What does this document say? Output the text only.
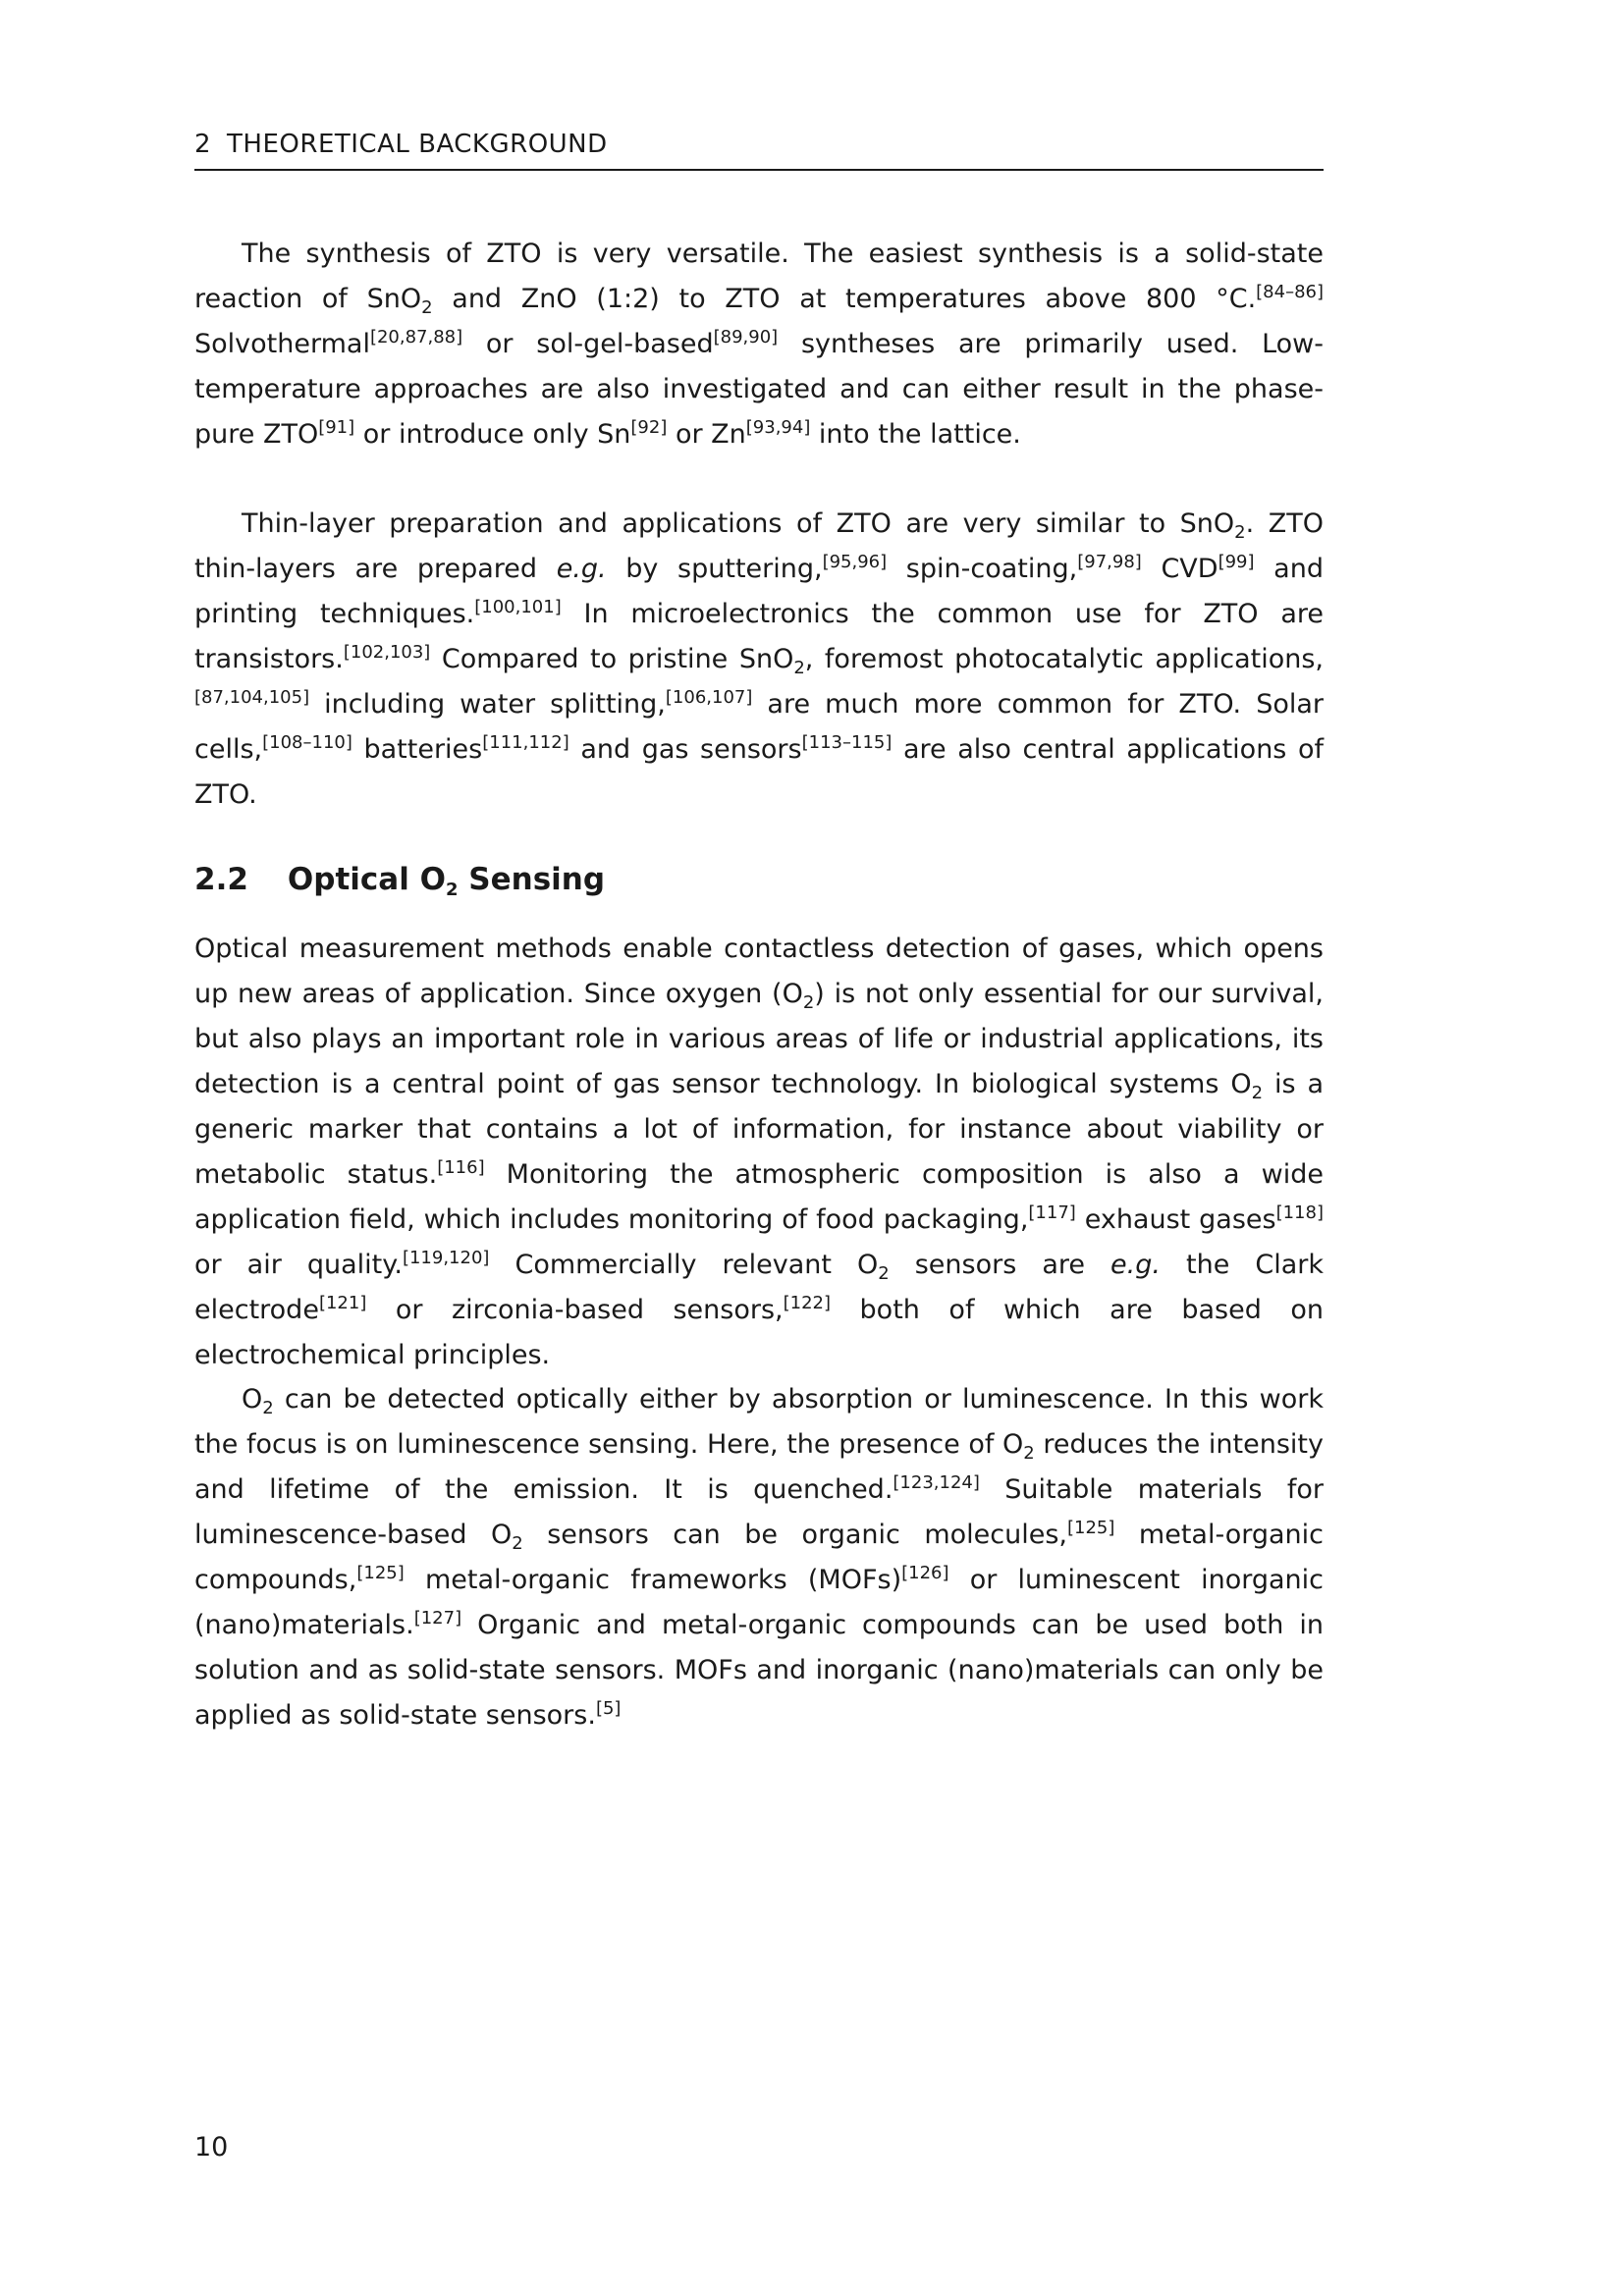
2 THEORETICAL BACKGROUND

The synthesis of ZTO is very versatile. The easiest synthesis is a solid-state reaction of SnO$_2$ and ZnO (1:2) to ZTO at temperatures above 800 °C.[84–86] Solvothermal[20,87,88] or sol-gel-based[89,90] syntheses are primarily used. Low-temperature approaches are also investigated and can either result in the phase-pure ZTO[91] or introduce only Sn[92] or Zn[93,94] into the lattice.

Thin-layer preparation and applications of ZTO are very similar to SnO$_2$. ZTO thin-layers are prepared e.g. by sputtering,[95,96] spin-coating,[97,98] CVD[99] and printing techniques.[100,101] In microelectronics the common use for ZTO are transistors.[102,103] Compared to pristine SnO$_2$, foremost photocatalytic applications,[87,104,105] including water splitting,[106,107] are much more common for ZTO. Solar cells,[108–110] batteries[111,112] and gas sensors[113–115] are also central applications of ZTO.

2.2 Optical $O_2$ Sensing

Optical measurement methods enable contactless detection of gases, which opens up new areas of application. Since oxygen $(O_2)$ is not only essential for our survival, but also plays an important role in various areas of life or industrial applications, its detection is a central point of gas sensor technology. In biological systems $O_2$ is a generic marker that contains a lot of information, for instance about viability or metabolic status.[116] Monitoring the atmospheric composition is also a wide application field, which includes monitoring of food packaging,[117] exhaust gases[118] or air quality.[119,120] Commercially relevant $O_2$ sensors are e.g. the Clark electrode[121] or zirconia-based sensors,[122] both of which are based on electrochemical principles.

$O_2$ can be detected optically either by absorption or luminescence. In this work the focus is on luminescence sensing. Here, the presence of $O_2$ reduces the intensity and lifetime of the emission. It is quenched.[123,124] Suitable materials for luminescence-based $O_2$ sensors can be organic molecules,[125] metal-organic compounds,[125] metal-organic frameworks (MOFs)[126] or luminescent inorganic (nano)materials.[127] Organic and metal-organic compounds can be used both in solution and as solid-state sensors. MOFs and inorganic (nano)materials can only be applied as solid-state sensors.[5]

10
